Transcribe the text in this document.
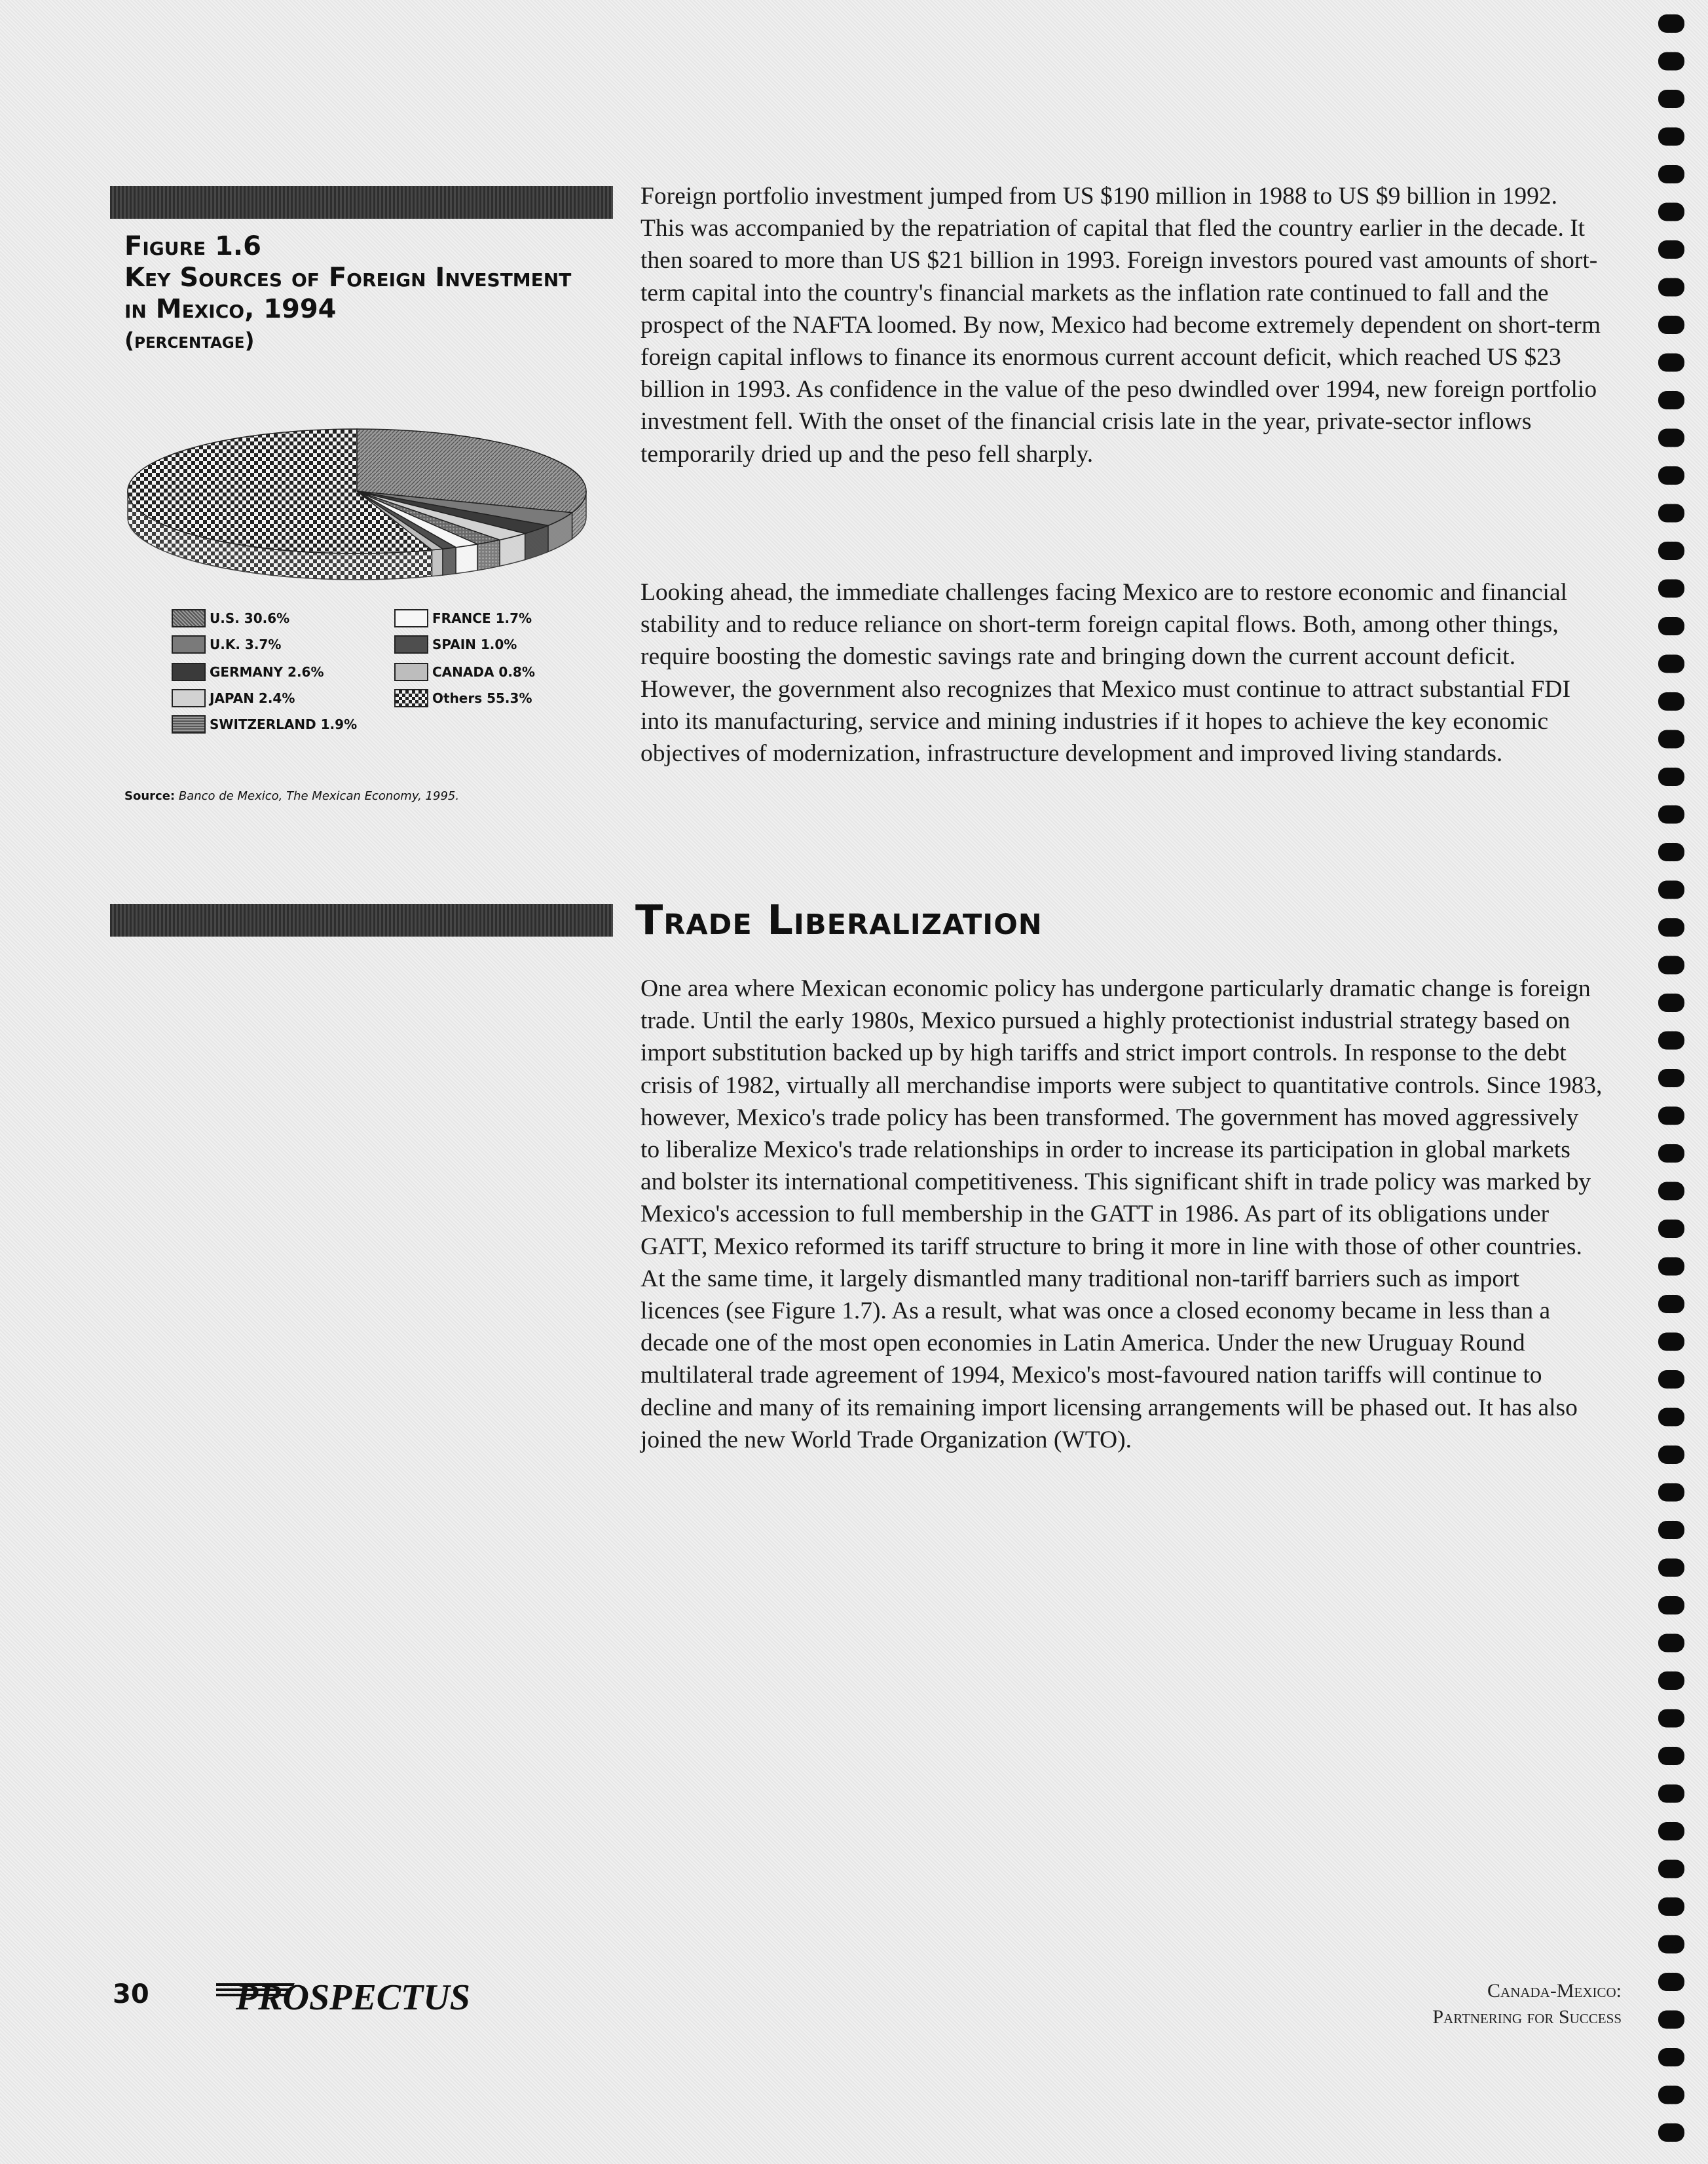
Figure 1.6
Key Sources of Foreign Investment
in Mexico, 1994
(percentage)
U.S. 30.6%
U.K. 3.7%
GERMANY 2.6%
JAPAN 2.4%
SWITZERLAND 1.9%
FRANCE 1.7%
SPAIN 1.0%
CANADA 0.8%
Others 55.3%
Source: Banco de Mexico, The Mexican Economy, 1995.

Foreign portfolio investment jumped from US $190 million in 1988 to US $9 billion in 1992. This was accompanied by the repatriation of capital that fled the country earlier in the decade. It then soared to more than US $21 billion in 1993. Foreign investors poured vast amounts of short-term capital into the country's financial markets as the inflation rate continued to fall and the prospect of the NAFTA loomed. By now, Mexico had become extremely dependent on short-term foreign capital inflows to finance its enormous current account deficit, which reached US $23 billion in 1993. As confidence in the value of the peso dwindled over 1994, new foreign portfolio investment fell. With the onset of the financial crisis late in the year, private-sector inflows temporarily dried up and the peso fell sharply.

Looking ahead, the immediate challenges facing Mexico are to restore economic and financial stability and to reduce reliance on short-term foreign capital flows. Both, among other things, require boosting the domestic savings rate and bringing down the current account deficit. However, the government also recognizes that Mexico must continue to attract substantial FDI into its manufacturing, service and mining industries if it hopes to achieve the key economic objectives of modernization, infrastructure development and improved living standards.

Trade Liberalization

One area where Mexican economic policy has undergone particularly dramatic change is foreign trade. Until the early 1980s, Mexico pursued a highly protectionist industrial strategy based on import substitution backed up by high tariffs and strict import controls. In response to the debt crisis of 1982, virtually all merchandise imports were subject to quantitative controls. Since 1983, however, Mexico's trade policy has been transformed. The government has moved aggressively to liberalize Mexico's trade relationships in order to increase its participation in global markets and bolster its international competitiveness. This significant shift in trade policy was marked by Mexico's accession to full membership in the GATT in 1986. As part of its obligations under GATT, Mexico reformed its tariff structure to bring it more in line with those of other countries. At the same time, it largely dismantled many traditional non-tariff barriers such as import licences (see Figure 1.7). As a result, what was once a closed economy became in less than a decade one of the most open economies in Latin America. Under the new Uruguay Round multilateral trade agreement of 1994, Mexico's most-favoured nation tariffs will continue to decline and many of its remaining import licensing arrangements will be phased out. It has also joined the new World Trade Organization (WTO).

30 PROSPECTUS	Canada-Mexico:
Partnering for Success
